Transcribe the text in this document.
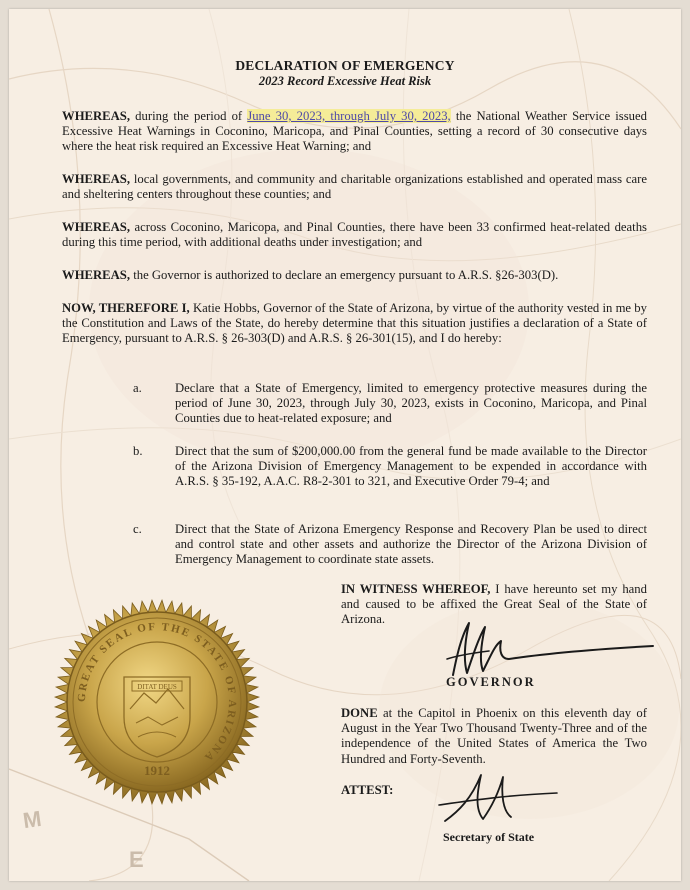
M
E
DECLARATION OF EMERGENCY
2023 Record Excessive Heat Risk
WHEREAS, during the period of June 30, 2023, through July 30, 2023, the National Weather Service issued Excessive Heat Warnings in Coconino, Maricopa, and Pinal Counties, setting a record of 30 consecutive days where the heat risk required an Excessive Heat Warning; and
WHEREAS, local governments, and community and charitable organizations established and operated mass care and sheltering centers throughout these counties; and
WHEREAS, across Coconino, Maricopa, and Pinal Counties, there have been 33 confirmed heat-related deaths during this time period, with additional deaths under investigation; and
WHEREAS, the Governor is authorized to declare an emergency pursuant to A.R.S. §26-303(D).
NOW, THEREFORE I, Katie Hobbs, Governor of the State of Arizona, by virtue of the authority vested in me by the Constitution and Laws of the State, do hereby determine that this situation justifies a declaration of a State of Emergency, pursuant to A.R.S. § 26-303(D) and A.R.S. § 26-301(15), and I do hereby:
a.	Declare that a State of Emergency, limited to emergency protective measures during the period of June 30, 2023, through July 30, 2023, exists in Coconino, Maricopa, and Pinal Counties due to heat-related exposure; and
b.	Direct that the sum of $200,000.00 from the general fund be made available to the Director of the Arizona Division of Emergency Management to be expended in accordance with A.R.S. § 35-192, A.A.C. R8-2-301 to 321, and Executive Order 79-4; and
c.	Direct that the State of Arizona Emergency Response and Recovery Plan be used to direct and control state and other assets and authorize the Director of the Arizona Division of Emergency Management to coordinate state assets.
IN WITNESS WHEREOF, I have hereunto set my hand and caused to be affixed the Great Seal of the State of Arizona.
GOVERNOR
DONE at the Capitol in Phoenix on this eleventh day of August in the Year Two Thousand Twenty-Three and of the independence of the United States of America the Two Hundred and Forty-Seventh.
ATTEST:
Secretary of State
GREAT SEAL OF THE STATE OF ARIZONA
DITAT DEUS
1912
